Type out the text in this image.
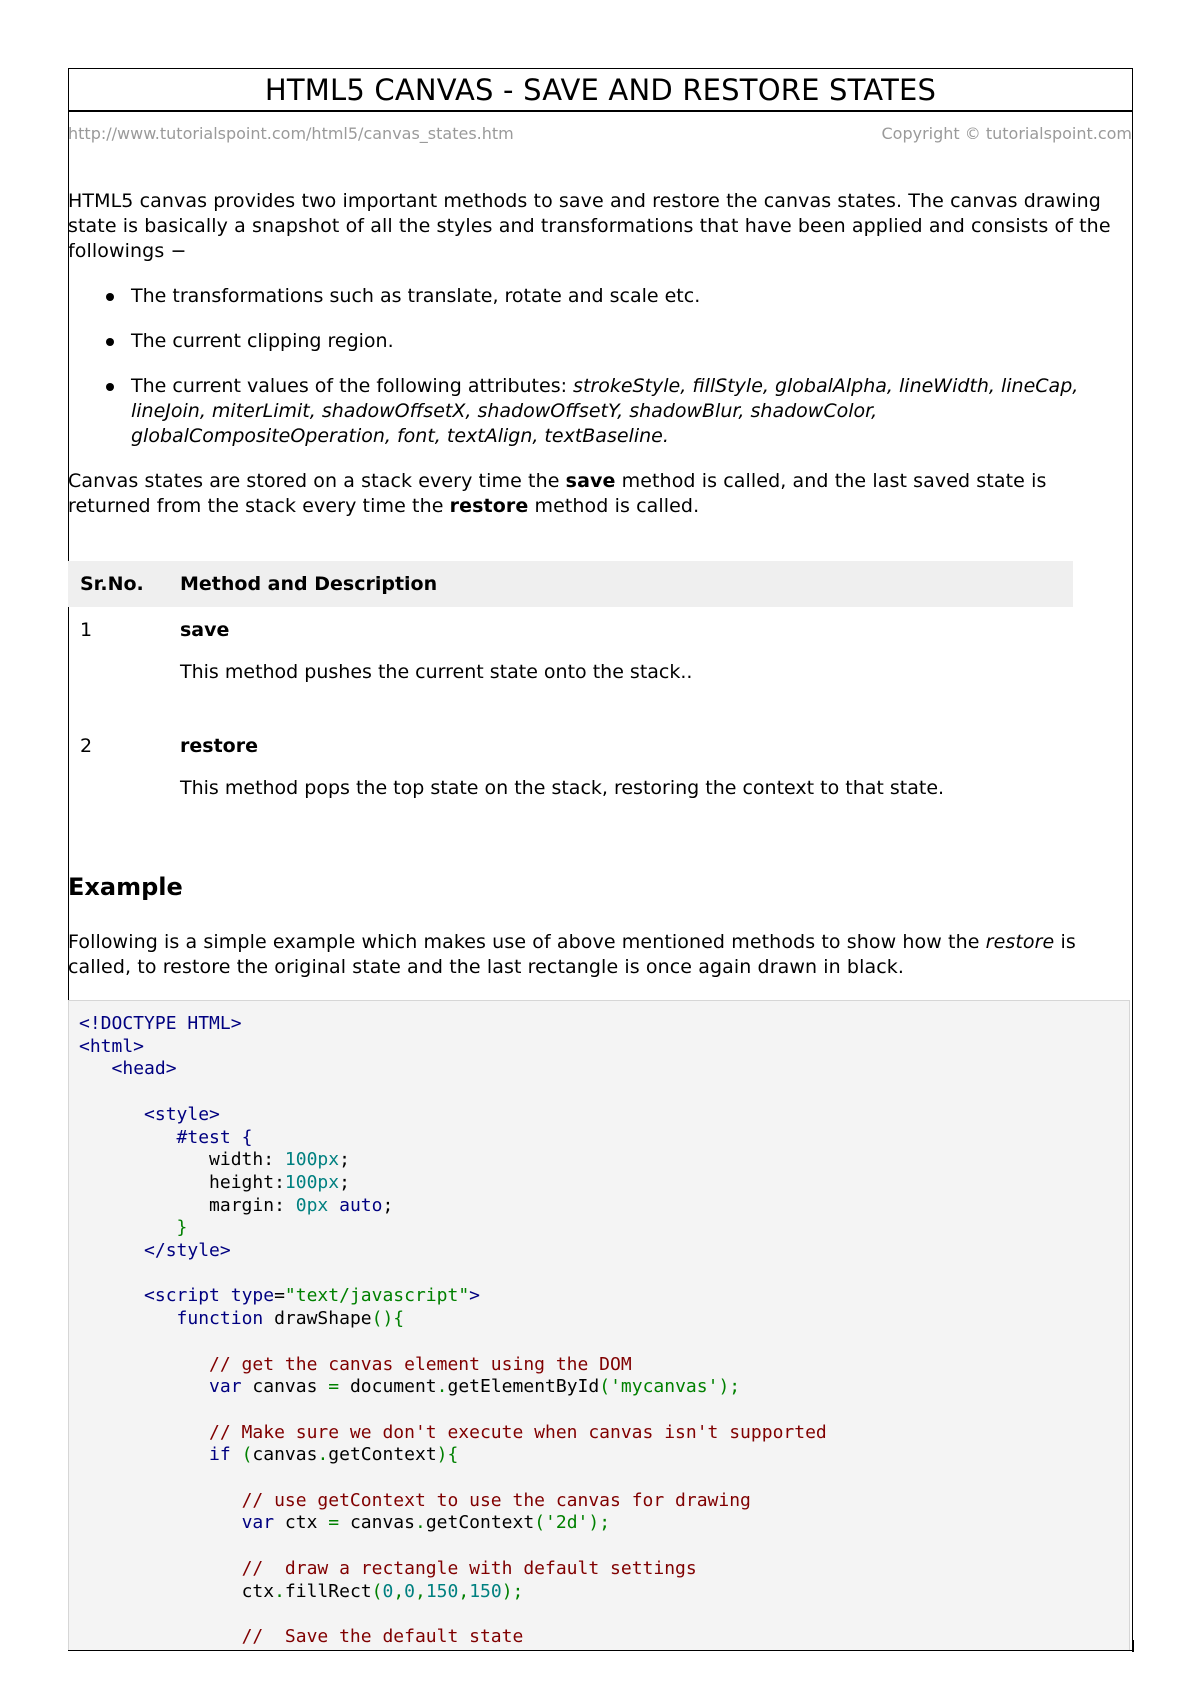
HTML5 CANVAS - SAVE AND RESTORE STATES
http://www.tutorialspoint.com/html5/canvas_states.htm	Copyright © tutorialspoint.com

HTML5 canvas provides two important methods to save and restore the canvas states. The canvas drawing state is basically a snapshot of all the styles and transformations that have been applied and consists of the followings −

The transformations such as translate, rotate and scale etc.
The current clipping region.
The current values of the following attributes: strokeStyle, fillStyle, globalAlpha, lineWidth, lineCap, lineJoin, miterLimit, shadowOffsetX, shadowOffsetY, shadowBlur, shadowColor, globalCompositeOperation, font, textAlign, textBaseline.

Canvas states are stored on a stack every time the save method is called, and the last saved state is returned from the stack every time the restore method is called.

Sr.No.	Method and Description
1	save

This method pushes the current state onto the stack..

2	restore

This method pops the top state on the stack, restoring the context to that state.

Example

Following is a simple example which makes use of above mentioned methods to show how the restore is called, to restore the original state and the last rectangle is once again drawn in black.

<!DOCTYPE HTML>
<html>
<head>

<style>
#test {
width: 100px;
height:100px;
margin: 0px auto;
}
</style>

<script type="text/javascript">
function drawShape(){

// get the canvas element using the DOM
var canvas = document.getElementById('mycanvas');

// Make sure we don't execute when canvas isn't supported
if (canvas.getContext){

// use getContext to use the canvas for drawing
var ctx = canvas.getContext('2d');

//  draw a rectangle with default settings
ctx.fillRect(0,0,150,150);

//  Save the default state
